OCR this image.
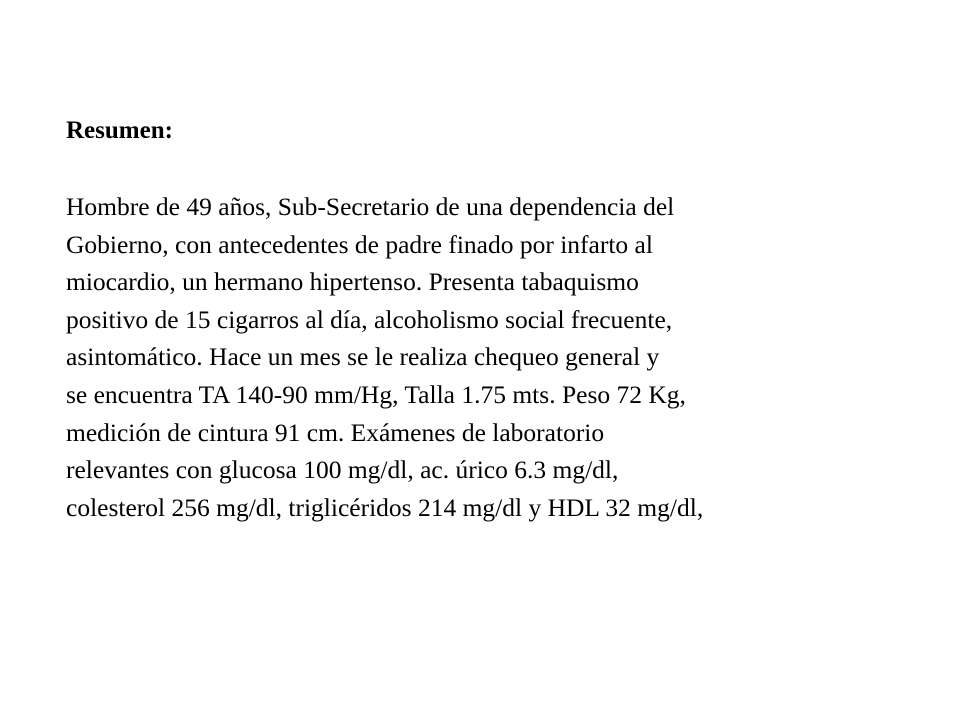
Resumen:
Hombre de 49 años, Sub-Secretario de una dependencia del
Gobierno, con antecedentes de padre finado por infarto al
miocardio, un hermano hipertenso. Presenta tabaquismo
positivo de 15 cigarros al día, alcoholismo social frecuente,
asintomático. Hace un mes se le realiza chequeo general y
se encuentra TA 140-90 mm/Hg, Talla 1.75 mts. Peso 72 Kg,
medición de cintura 91 cm. Exámenes de laboratorio
relevantes con glucosa 100 mg/dl, ac. úrico 6.3 mg/dl,
colesterol 256 mg/dl, triglicéridos 214 mg/dl y HDL 32 mg/dl,
